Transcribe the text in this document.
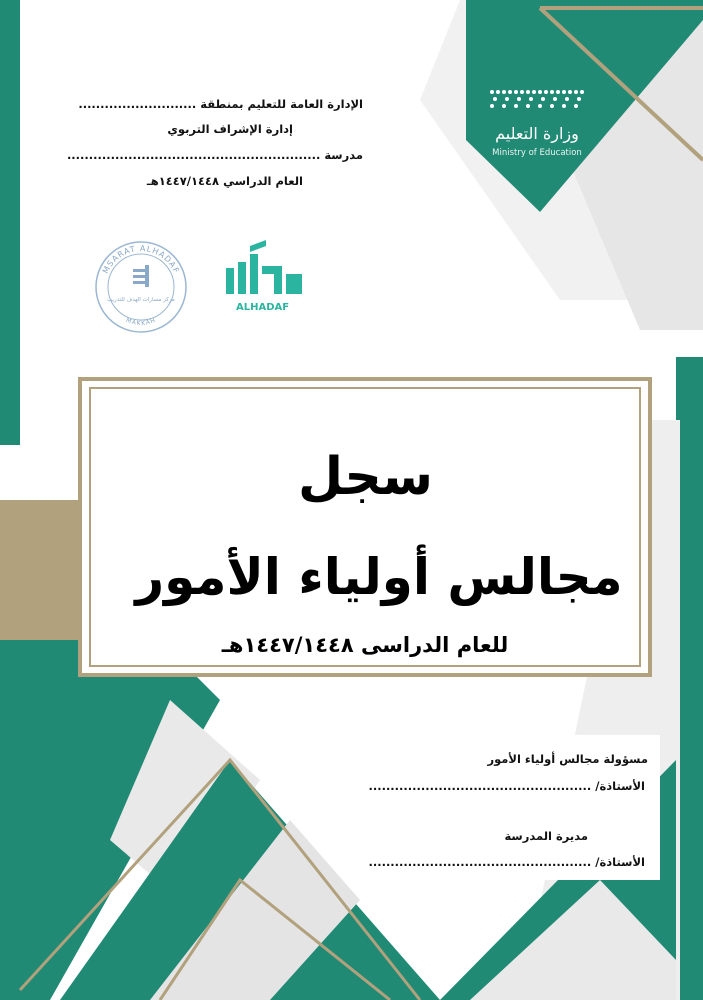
الإدارة العامة للتعليم بمنطقة ...........................
إدارة الإشراف التربوي
مدرسة ..........................................................
العام الدراسي ١٤٤٧/١٤٤٨هـ
وزارة التعليم
Ministry of Education
ALHADAF
MSARAT ALHADAF
MAKKAH
مركز مسارات الهدف للتدريب
سجل
مجالس أولياء الأمور
للعام الدراسى ١٤٤٧/١٤٤٨هـ
مسؤولة مجالس أولياء الأمور
الأستاذة/ ...................................................
مديرة المدرسة
الأستاذة/ ...................................................
